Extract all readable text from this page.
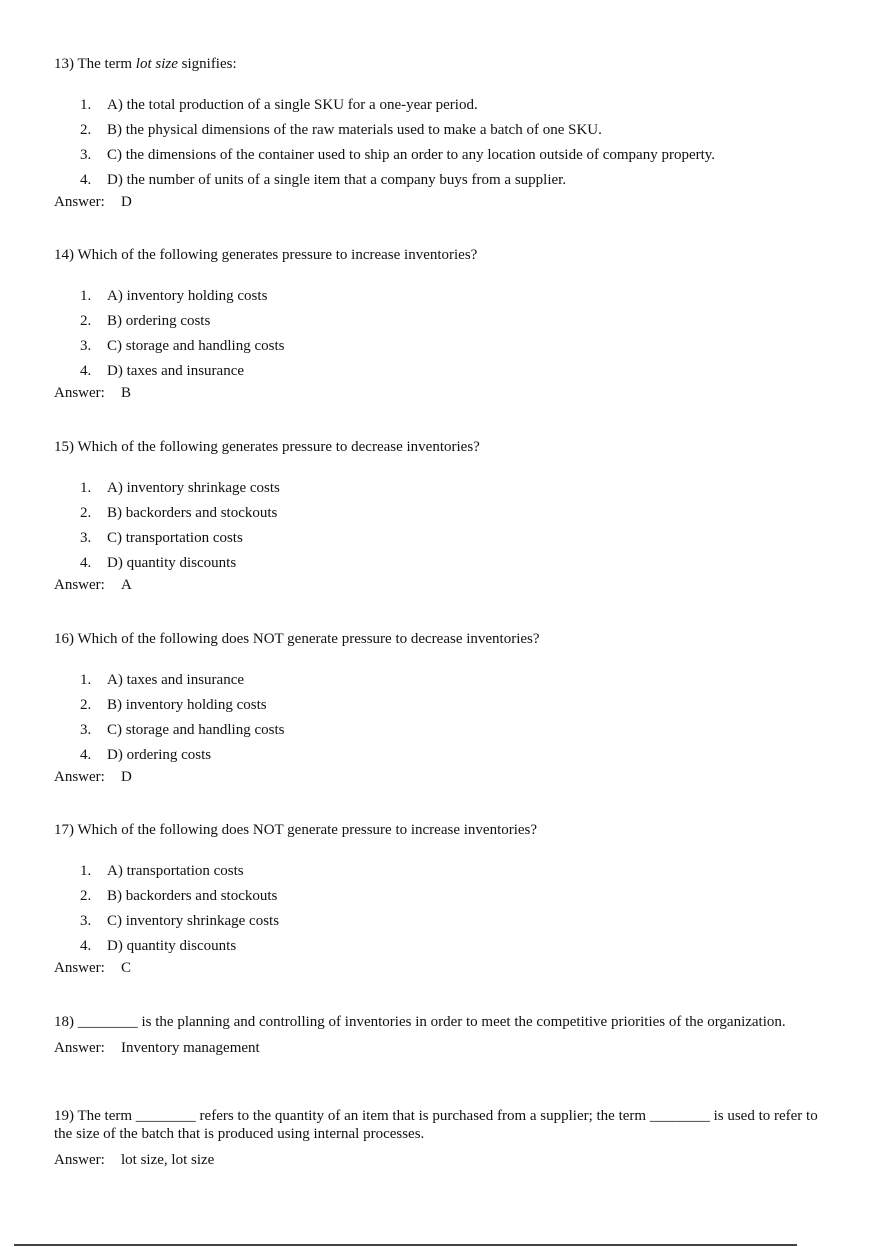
13) The term lot size signifies:

1.	A) the total production of a single SKU for a one-year period.
2.	B) the physical dimensions of the raw materials used to make a batch of one SKU.
3.	C) the dimensions of the container used to ship an order to any location outside of company property.
4.	D) the number of units of a single item that a company buys from a supplier.
Answer: D

14) Which of the following generates pressure to increase inventories?

1.	A) inventory holding costs
2.	B) ordering costs
3.	C) storage and handling costs
4.	D) taxes and insurance
Answer: B

15) Which of the following generates pressure to decrease inventories?

1.	A) inventory shrinkage costs
2.	B) backorders and stockouts
3.	C) transportation costs
4.	D) quantity discounts
Answer: A

16) Which of the following does NOT generate pressure to decrease inventories?

1.	A) taxes and insurance
2.	B) inventory holding costs
3.	C) storage and handling costs
4.	D) ordering costs
Answer: D

17) Which of the following does NOT generate pressure to increase inventories?

1.	A) transportation costs
2.	B) backorders and stockouts
3.	C) inventory shrinkage costs
4.	D) quantity discounts
Answer: C

18) ________ is the planning and controlling of inventories in order to meet the competitive priorities of the organization.

Answer: Inventory management

19) The term ________ refers to the quantity of an item that is purchased from a supplier; the term ________ is used to refer to the size of the batch that is produced using internal processes.

Answer: lot size, lot size
